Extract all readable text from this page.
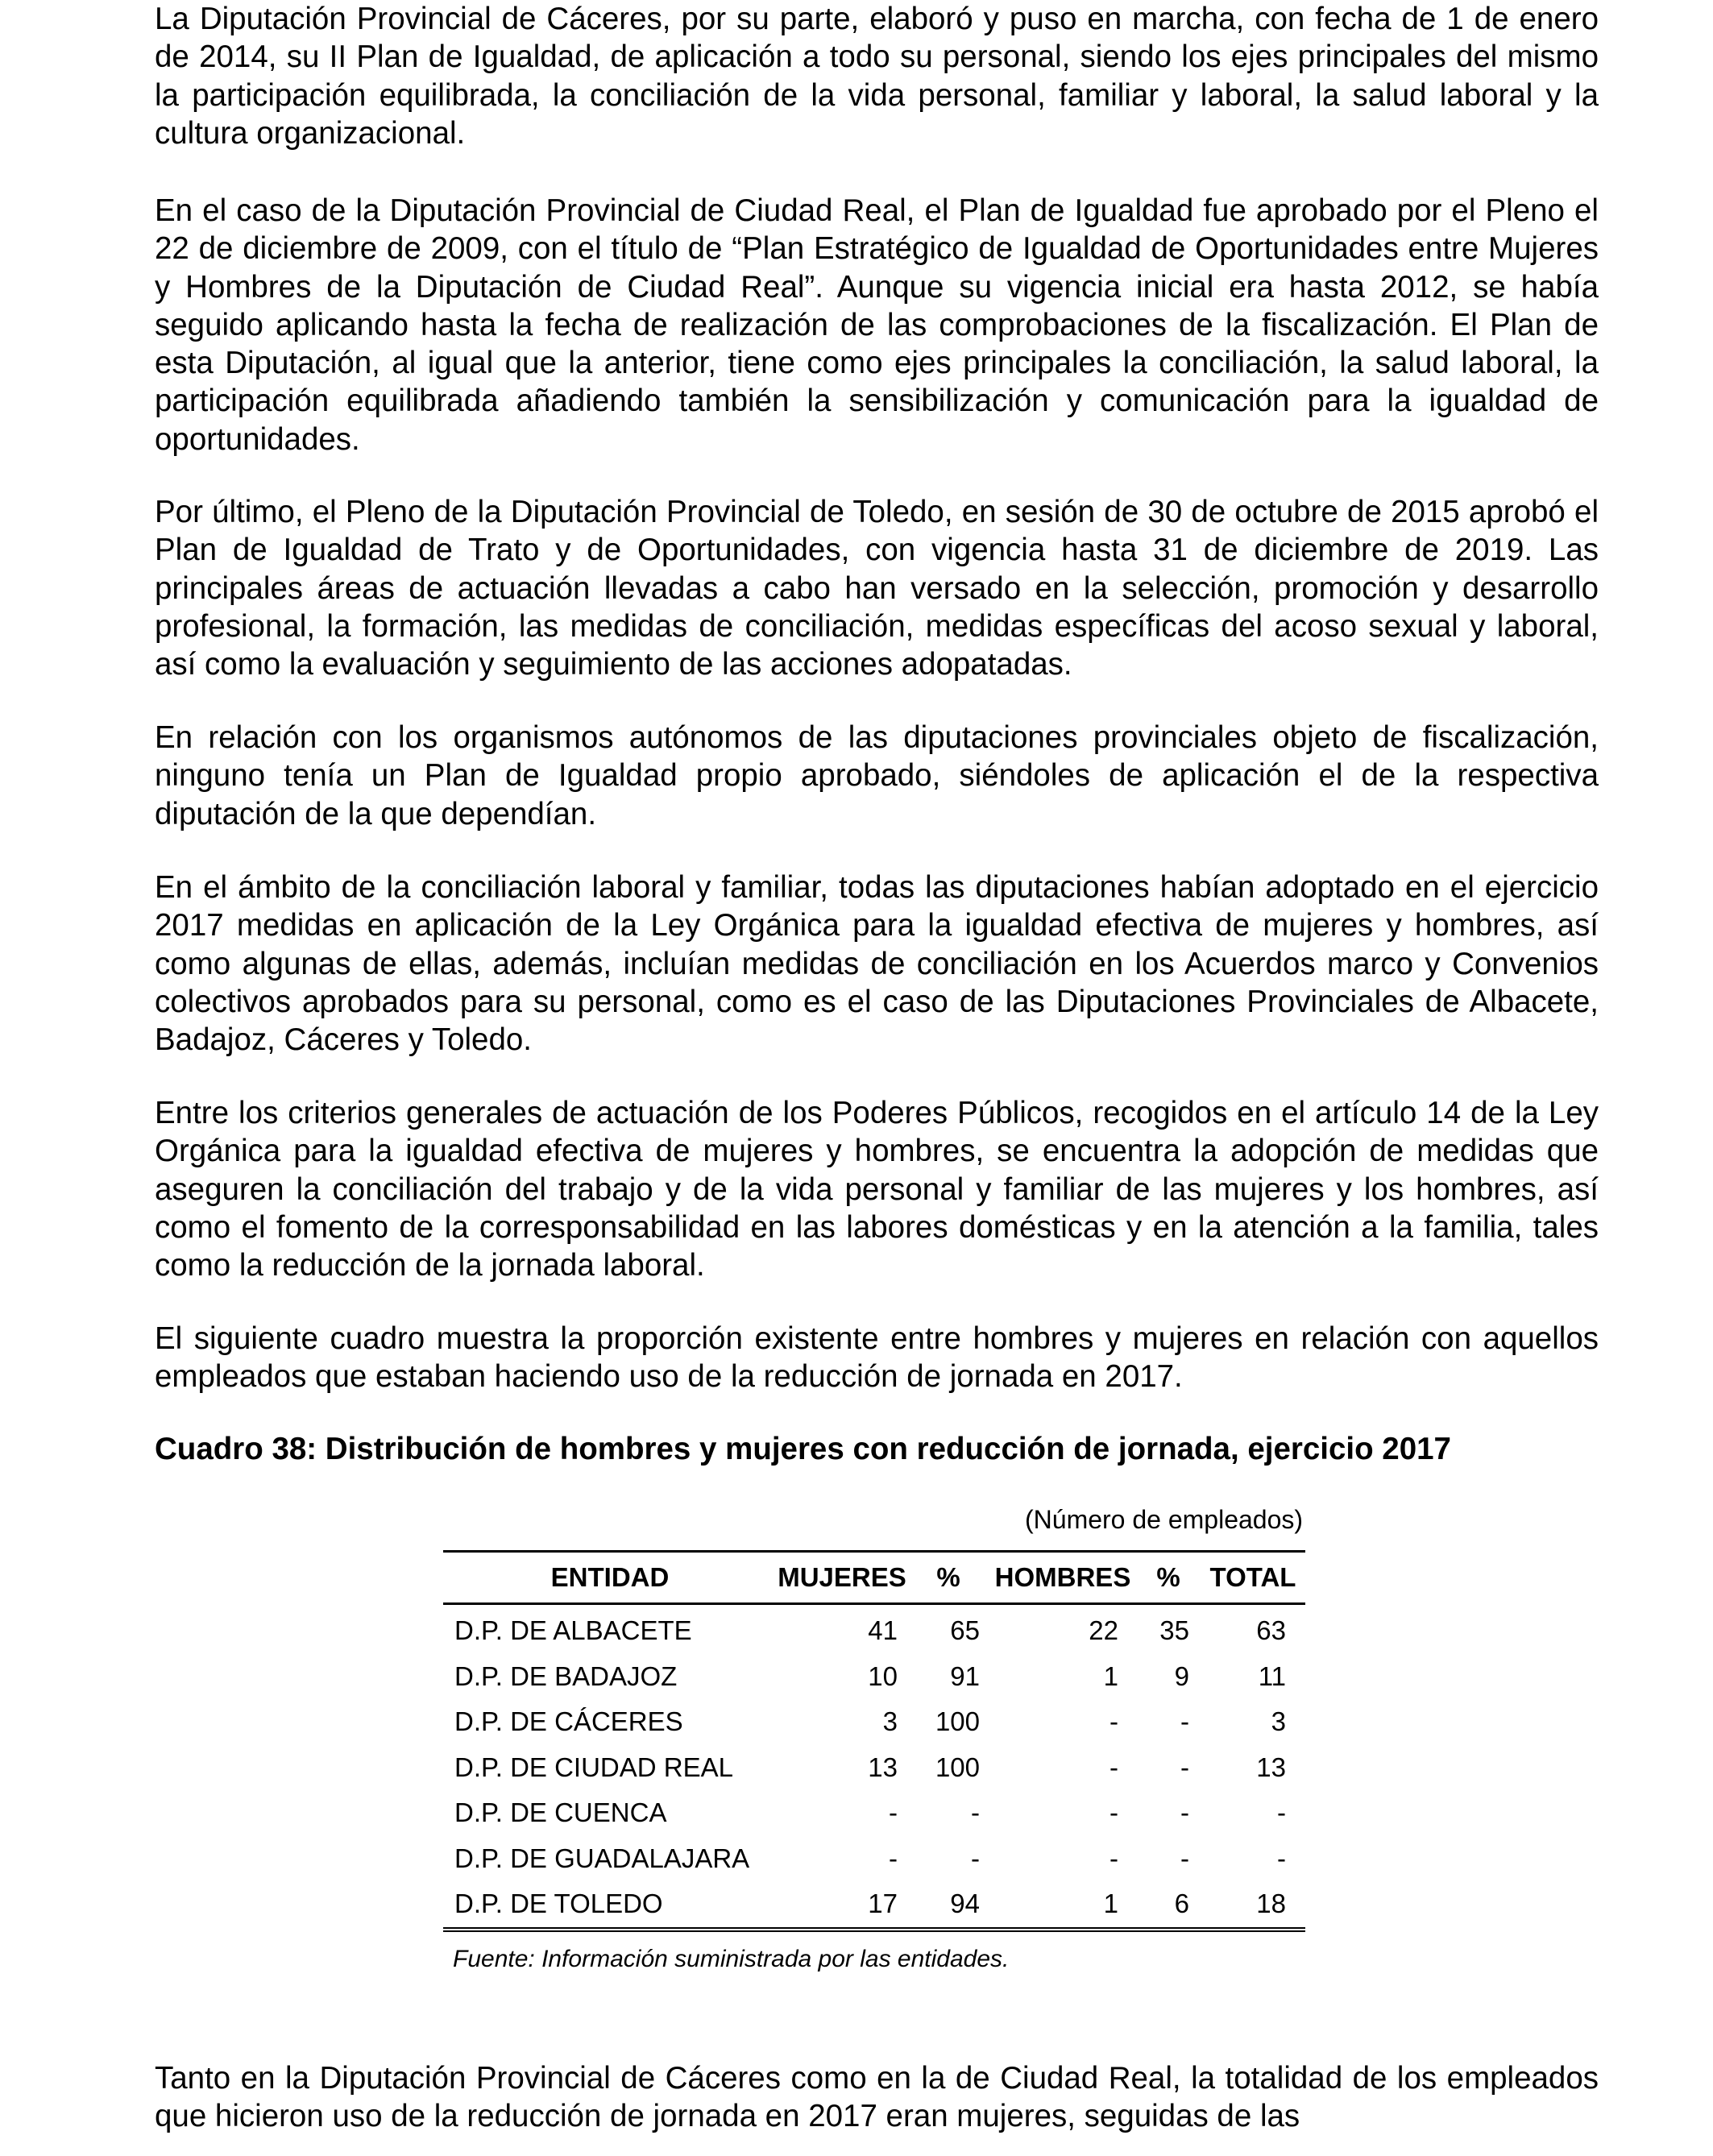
La Diputación Provincial de Cáceres, por su parte, elaboró y puso en marcha, con fecha de 1 de enero de 2014, su II Plan de Igualdad, de aplicación a todo su personal, siendo los ejes principales del mismo la participación equilibrada, la conciliación de la vida personal, familiar y laboral, la salud laboral y la cultura organizacional.

En el caso de la Diputación Provincial de Ciudad Real, el Plan de Igualdad fue aprobado por el Pleno el 22 de diciembre de 2009, con el título de “Plan Estratégico de Igualdad de Oportunidades entre Mujeres y Hombres de la Diputación de Ciudad Real”. Aunque su vigencia inicial era hasta 2012, se había seguido aplicando hasta la fecha de realización de las comprobaciones de la fiscalización. El Plan de esta Diputación, al igual que la anterior, tiene como ejes principales la conciliación, la salud laboral, la participación equilibrada añadiendo también la sensibilización y comunicación para la igualdad de oportunidades.

Por último, el Pleno de la Diputación Provincial de Toledo, en sesión de 30 de octubre de 2015 aprobó el Plan de Igualdad de Trato y de Oportunidades, con vigencia hasta 31 de diciembre de 2019. Las principales áreas de actuación llevadas a cabo han versado en la selección, promoción y desarrollo profesional, la formación, las medidas de conciliación, medidas específicas del acoso sexual y laboral, así como la evaluación y seguimiento de las acciones adopatadas.

En relación con los organismos autónomos de las diputaciones provinciales objeto de fiscalización, ninguno tenía un Plan de Igualdad propio aprobado, siéndoles de aplicación el de la respectiva diputación de la que dependían.

En el ámbito de la conciliación laboral y familiar, todas las diputaciones habían adoptado en el ejercicio 2017 medidas en aplicación de la Ley Orgánica para la igualdad efectiva de mujeres y hombres, así como algunas de ellas, además, incluían medidas de conciliación en los Acuerdos marco y Convenios colectivos aprobados para su personal, como es el caso de las Diputaciones Provinciales de Albacete, Badajoz, Cáceres y Toledo.

Entre los criterios generales de actuación de los Poderes Públicos, recogidos en el artículo 14 de la Ley Orgánica para la igualdad efectiva de mujeres y hombres, se encuentra la adopción de medidas que aseguren la conciliación del trabajo y de la vida personal y familiar de las mujeres y los hombres, así como el fomento de la corresponsabilidad en las labores domésticas y en la atención a la familia, tales como la reducción de la jornada laboral.

El siguiente cuadro muestra la proporción existente entre hombres y mujeres en relación con aquellos empleados que estaban haciendo uso de la reducción de jornada en 2017.

Cuadro 38: Distribución de hombres y mujeres con reducción de jornada, ejercicio 2017

(Número de empleados)
ENTIDAD	MUJERES	%	HOMBRES	%	TOTAL
D.P. DE ALBACETE	41	65	22	35	63
D.P. DE BADAJOZ	10	91	1	9	11
D.P. DE CÁCERES	3	100	-	-	3
D.P. DE CIUDAD REAL	13	100	-	-	13
D.P. DE CUENCA	-	-	-	-	-
D.P. DE GUADALAJARA	-	-	-	-	-
D.P. DE TOLEDO	17	94	1	6	18
Fuente: Información suministrada por las entidades.

Tanto en la Diputación Provincial de Cáceres como en la de Ciudad Real, la totalidad de los empleados que hicieron uso de la reducción de jornada en 2017 eran mujeres, seguidas de las
